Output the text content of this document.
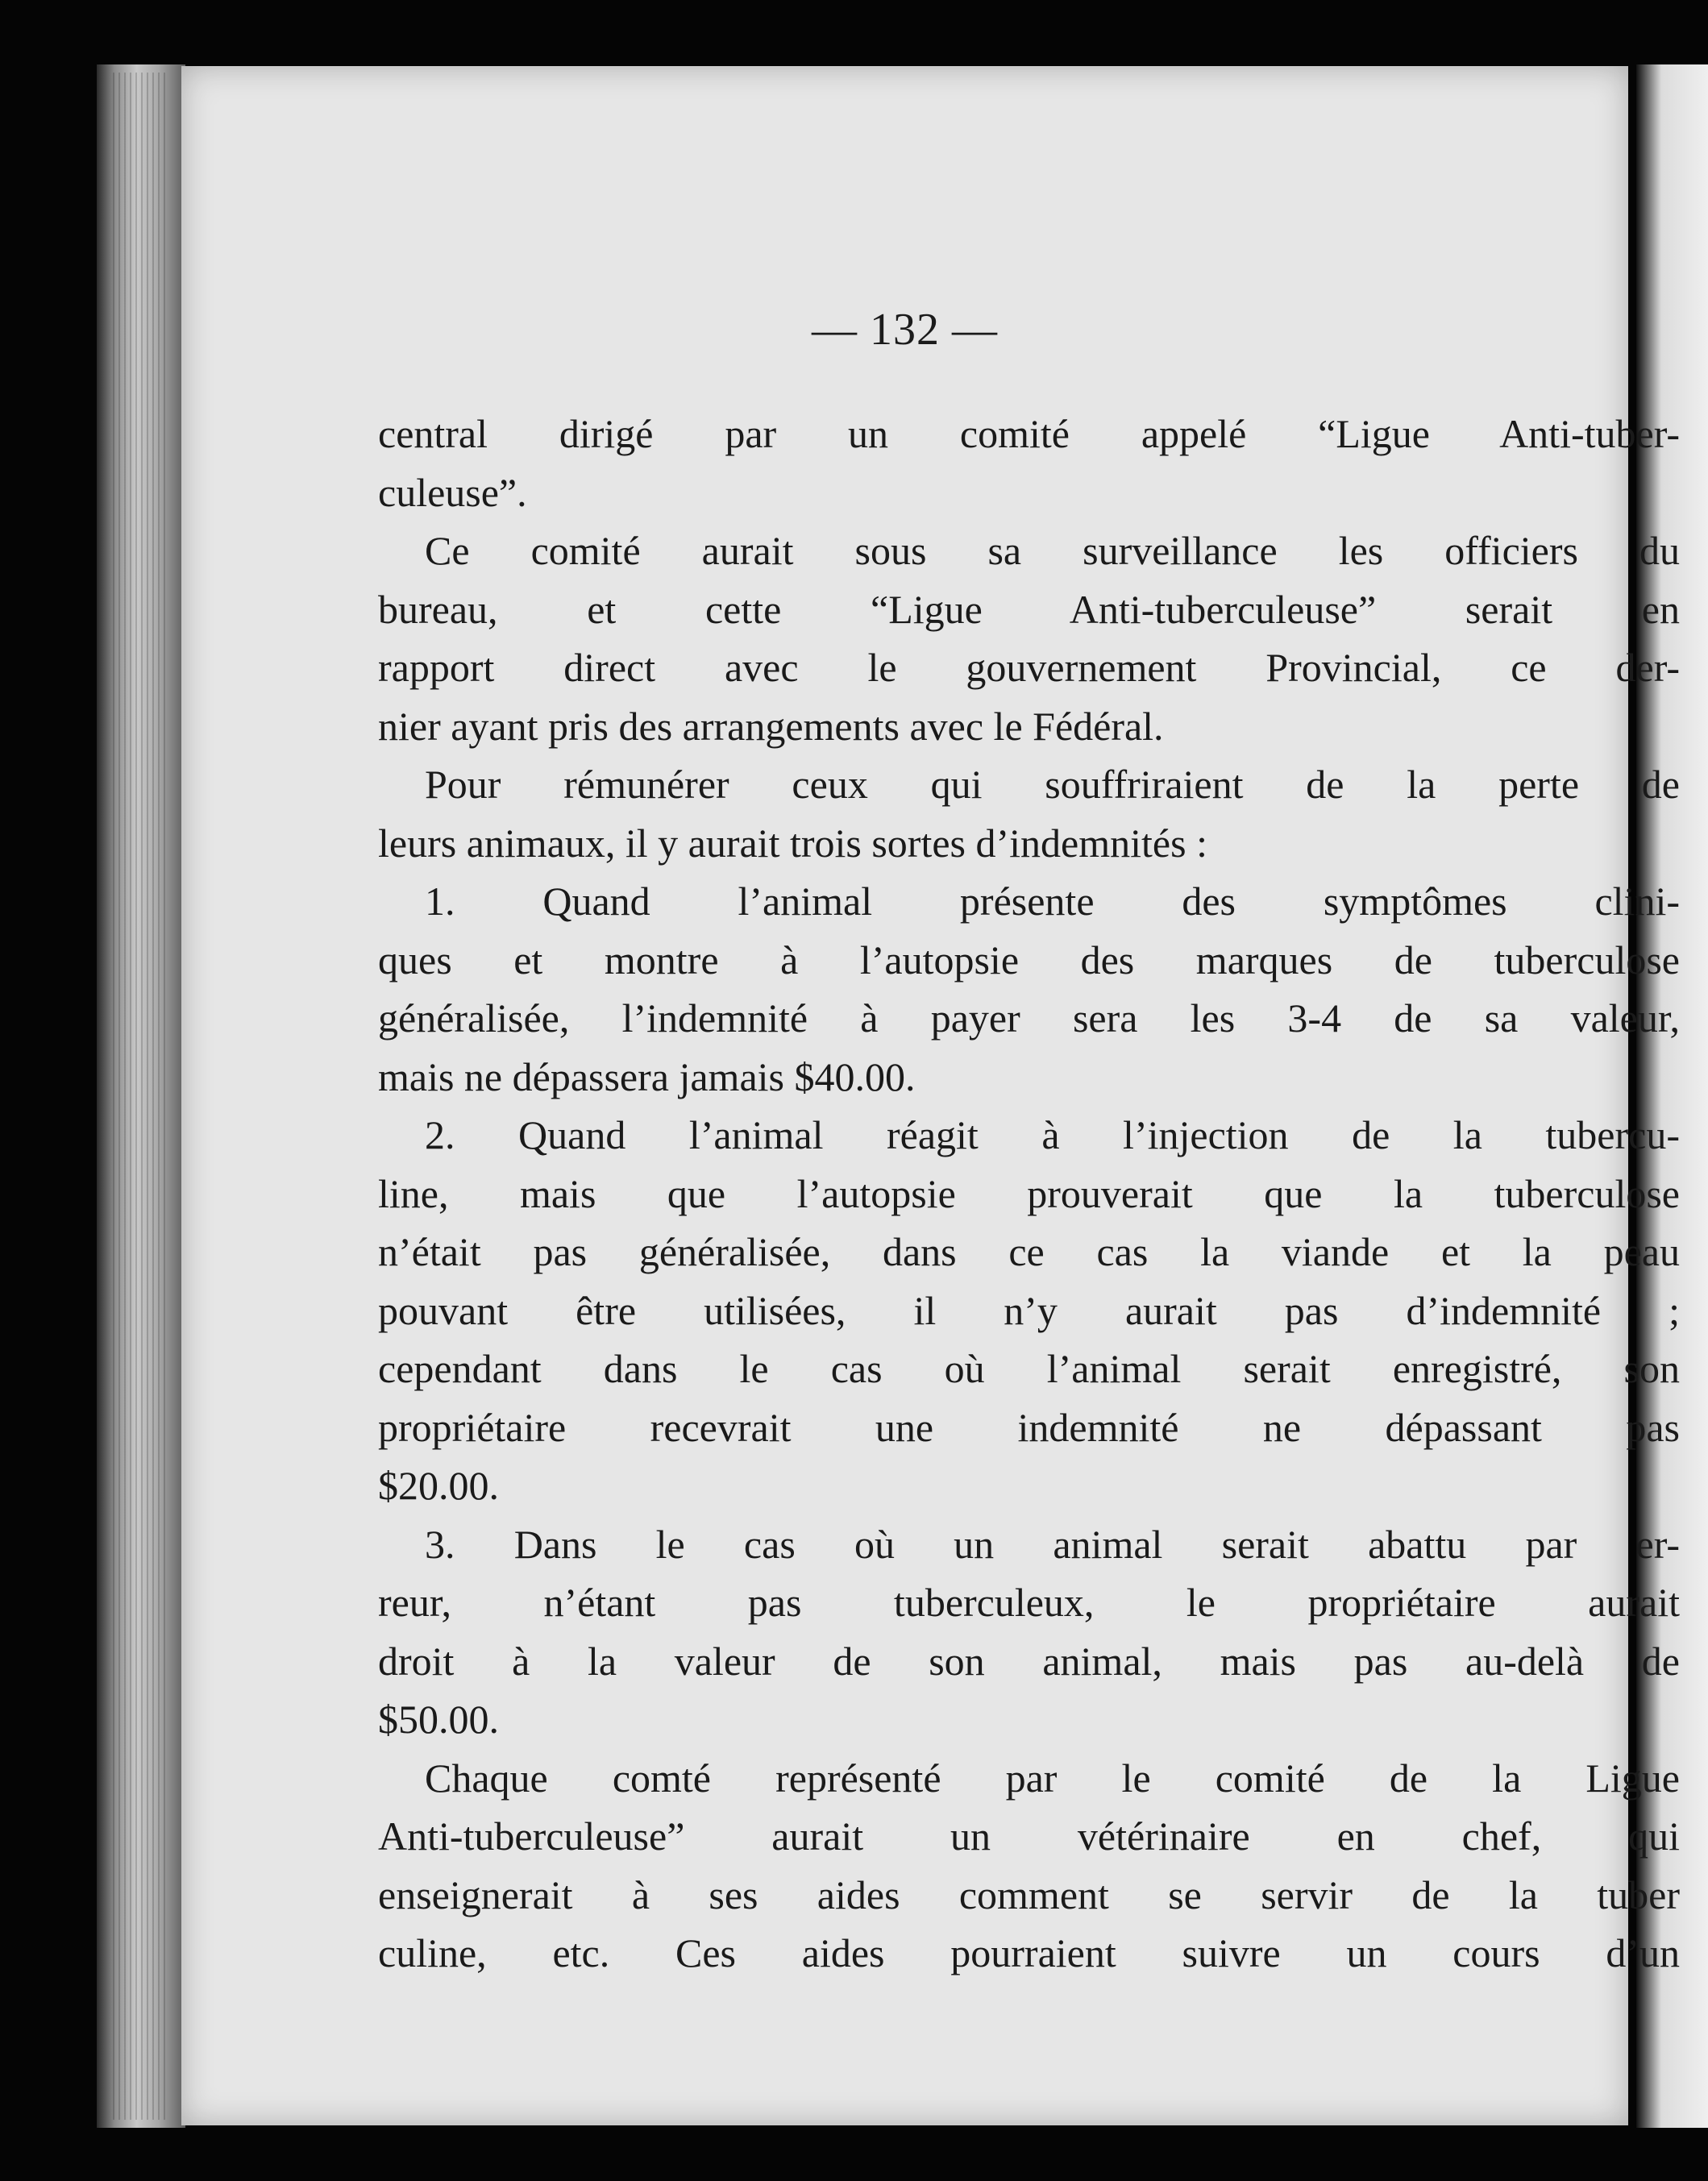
— 132 —
central dirigé par un comité appelé “Ligue Anti-tuber-
culeuse”.
Ce comité aurait sous sa surveillance les officiers du
bureau, et cette “Ligue Anti-tuberculeuse” serait en
rapport direct avec le gouvernement Provincial, ce der-
nier ayant pris des arrangements avec le Fédéral.
Pour rémunérer ceux qui souffriraient de la perte de
leurs animaux, il y aurait trois sortes d’indemnités :
1. Quand l’animal présente des symptômes clini-
ques et montre à l’autopsie des marques de tuberculose
généralisée, l’indemnité à payer sera les 3-4 de sa valeur,
mais ne dépassera jamais $40.00.
2. Quand l’animal réagit à l’injection de la tubercu-
line, mais que l’autopsie prouverait que la tuberculose
n’était pas généralisée, dans ce cas la viande et la peau
pouvant être utilisées, il n’y aurait pas d’indemnité ;
cependant dans le cas où l’animal serait enregistré, son
propriétaire recevrait une indemnité ne dépassant pas
$20.00.
3. Dans le cas où un animal serait abattu par er-
reur, n’étant pas tuberculeux, le propriétaire aurait
droit à la valeur de son animal, mais pas au-delà de
$50.00.
Chaque comté représenté par le comité de la Ligue
Anti-tuberculeuse” aurait un vétérinaire en chef, qui
enseignerait à ses aides comment se servir de la tuber
culine, etc. Ces aides pourraient suivre un cours d’un
